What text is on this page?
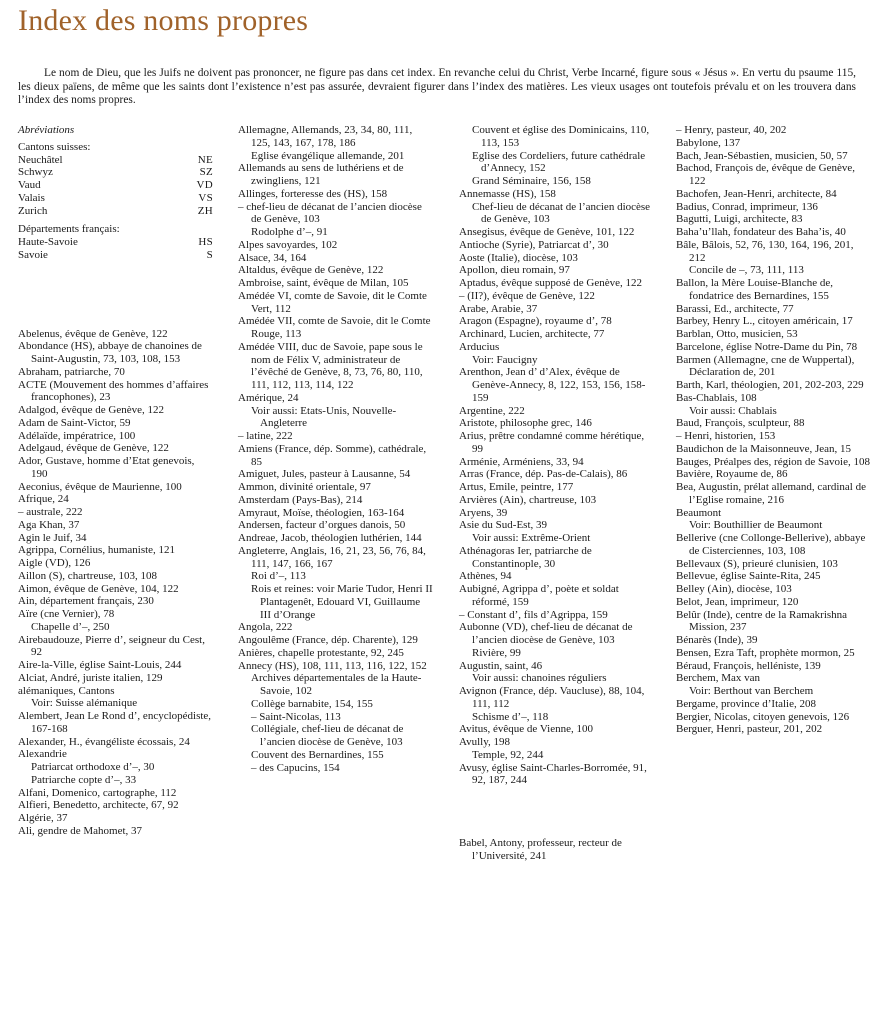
Index des noms propres

Le nom de Dieu, que les Juifs ne doivent pas prononcer, ne figure pas dans cet index. En revanche celui du Christ, Verbe Incarné, figure sous « Jésus ». En vertu du psaume 115, les dieux païens, de même que les saints dont l’existence n’est pas assurée, devraient figurer dans l’index des matières. Les vieux usages ont toutefois prévalu et on les trouvera dans l’index des noms propres.

Abréviations

Cantons suisses:

Neuchâtel	NE

Schwyz	SZ

Vaud	VD

Valais	VS

Zurich	ZH

Départements français:

Haute-Savoie	HS

Savoie	S

Abelenus, évêque de Genève, 122

Abondance (HS), abbaye de chanoines de Saint-Augustin, 73, 103, 108, 153

Abraham, patriarche, 70

ACTE (Mouvement des hommes d’affaires francophones), 23

Adalgod, évêque de Genève, 122

Adam de Saint-Victor, 59

Adélaïde, impératrice, 100

Adelgaud, évêque de Genève, 122

Ador, Gustave, homme d’Etat genevois, 190

Aeconius, évêque de Maurienne, 100

Afrique, 24

– australe, 222

Aga Khan, 37

Agin le Juif, 34

Agrippa, Cornélius, humaniste, 121

Aigle (VD), 126

Aillon (S), chartreuse, 103, 108

Aimon, évêque de Genève, 104, 122

Ain, département français, 230

Aïre (cne Vernier), 78

Chapelle d’–, 250

Airebaudouze, Pierre d’, seigneur du Cest, 92

Aire-la-Ville, église Saint-Louis, 244

Alciat, André, juriste italien, 129

alémaniques, Cantons

Voir: Suisse alémanique

Alembert, Jean Le Rond d’, encyclopédiste, 167-168

Alexander, H., évangéliste écossais, 24

Alexandrie

Patriarcat orthodoxe d’–, 30

Patriarche copte d’–, 33

Alfani, Domenico, cartographe, 112

Alfieri, Benedetto, architecte, 67, 92

Algérie, 37

Ali, gendre de Mahomet, 37

Allemagne, Allemands, 23, 34, 80, 111, 125, 143, 167, 178, 186

Eglise évangélique allemande, 201

Allemands au sens de luthériens et de zwingliens, 121

Allinges, forteresse des (HS), 158

– chef-lieu de décanat de l’ancien diocèse de Genève, 103

Rodolphe d’–, 91

Alpes savoyardes, 102

Alsace, 34, 164

Altaldus, évêque de Genève, 122

Ambroise, saint, évêque de Milan, 105

Amédée VI, comte de Savoie, dit le Comte Vert, 112

Amédée VII, comte de Savoie, dit le Comte Rouge, 113

Amédée VIII, duc de Savoie, pape sous le nom de Félix V, administrateur de l’évêché de Genève, 8, 73, 76, 80, 110, 111, 112, 113, 114, 122

Amérique, 24

Voir aussi: Etats-Unis, Nouvelle-Angleterre

– latine, 222

Amiens (France, dép. Somme), cathédrale, 85

Amiguet, Jules, pasteur à Lausanne, 54

Ammon, divinité orientale, 97

Amsterdam (Pays-Bas), 214

Amyraut, Moïse, théologien, 163-164

Andersen, facteur d’orgues danois, 50

Andreae, Jacob, théologien luthérien, 144

Angleterre, Anglais, 16, 21, 23, 56, 76, 84, 111, 147, 166, 167

Roi d’–, 113

Rois et reines: voir Marie Tudor, Henri II Plantagenêt, Edouard VI, Guillaume III d’Orange

Angola, 222

Angoulême (France, dép. Charente), 129

Anières, chapelle protestante, 92, 245

Annecy (HS), 108, 111, 113, 116, 122, 152

Archives départementales de la Haute-Savoie, 102

Collège barnabite, 154, 155

– Saint-Nicolas, 113

Collégiale, chef-lieu de décanat de l’ancien diocèse de Genève, 103

Couvent des Bernardines, 155

– des Capucins, 154

Couvent et église des Dominicains, 110, 113, 153

Eglise des Cordeliers, future cathédrale d’Annecy, 152

Grand Séminaire, 156, 158

Annemasse (HS), 158

Chef-lieu de décanat de l’ancien diocèse de Genève, 103

Ansegisus, évêque de Genève, 101, 122

Antioche (Syrie), Patriarcat d’, 30

Aoste (Italie), diocèse, 103

Apollon, dieu romain, 97

Aptadus, évêque supposé de Genève, 122

– (II?), évêque de Genève, 122

Arabe, Arabie, 37

Aragon (Espagne), royaume d’, 78

Archinard, Lucien, architecte, 77

Arducius

Voir: Faucigny

Arenthon, Jean d’ d’Alex, évêque de Genève-Annecy, 8, 122, 153, 156, 158-159

Argentine, 222

Aristote, philosophe grec, 146

Arius, prêtre condamné comme hérétique, 99

Arménie, Arméniens, 33, 94

Arras (France, dép. Pas-de-Calais), 86

Artus, Emile, peintre, 177

Arvières (Ain), chartreuse, 103

Aryens, 39

Asie du Sud-Est, 39

Voir aussi: Extrême-Orient

Athénagoras Ier, patriarche de Constantinople, 30

Athènes, 94

Aubigné, Agrippa d’, poète et soldat réformé, 159

– Constant d’, fils d’Agrippa, 159

Aubonne (VD), chef-lieu de décanat de l’ancien diocèse de Genève, 103

Rivière, 99

Augustin, saint, 46

Voir aussi: chanoines réguliers

Avignon (France, dép. Vaucluse), 88, 104, 111, 112

Schisme d’–, 118

Avitus, évêque de Vienne, 100

Avully, 198

Temple, 92, 244

Avusy, église Saint-Charles-Borromée, 91, 92, 187, 244

Babel, Antony, professeur, recteur de l’Université, 241

– Henry, pasteur, 40, 202

Babylone, 137

Bach, Jean-Sébastien, musicien, 50, 57

Bachod, François de, évêque de Genève, 122

Bachofen, Jean-Henri, architecte, 84

Badius, Conrad, imprimeur, 136

Bagutti, Luigi, architecte, 83

Baha’u’llah, fondateur des Baha’is, 40

Bâle, Bâlois, 52, 76, 130, 164, 196, 201, 212

Concile de –, 73, 111, 113

Ballon, la Mère Louise-Blanche de, fondatrice des Bernardines, 155

Barassi, Ed., architecte, 77

Barbey, Henry L., citoyen américain, 17

Barblan, Otto, musicien, 53

Barcelone, église Notre-Dame du Pin, 78

Barmen (Allemagne, cne de Wuppertal), Déclaration de, 201

Barth, Karl, théologien, 201, 202-203, 229

Bas-Chablais, 108

Voir aussi: Chablais

Baud, François, sculpteur, 88

– Henri, historien, 153

Baudichon de la Maisonneuve, Jean, 15

Bauges, Préalpes des, région de Savoie, 108

Bavière, Royaume de, 86

Bea, Augustin, prélat allemand, cardinal de l’Eglise romaine, 216

Beaumont

Voir: Bouthillier de Beaumont

Bellerive (cne Collonge-Bellerive), abbaye de Cisterciennes, 103, 108

Bellevaux (S), prieuré clunisien, 103

Bellevue, église Sainte-Rita, 245

Belley (Ain), diocèse, 103

Belot, Jean, imprimeur, 120

Belûr (Inde), centre de la Ramakrishna Mission, 237

Bénarès (Inde), 39

Bensen, Ezra Taft, prophète mormon, 25

Béraud, François, helléniste, 139

Berchem, Max van

Voir: Berthout van Berchem

Bergame, province d’Italie, 208

Bergier, Nicolas, citoyen genevois, 126

Berguer, Henri, pasteur, 201, 202
